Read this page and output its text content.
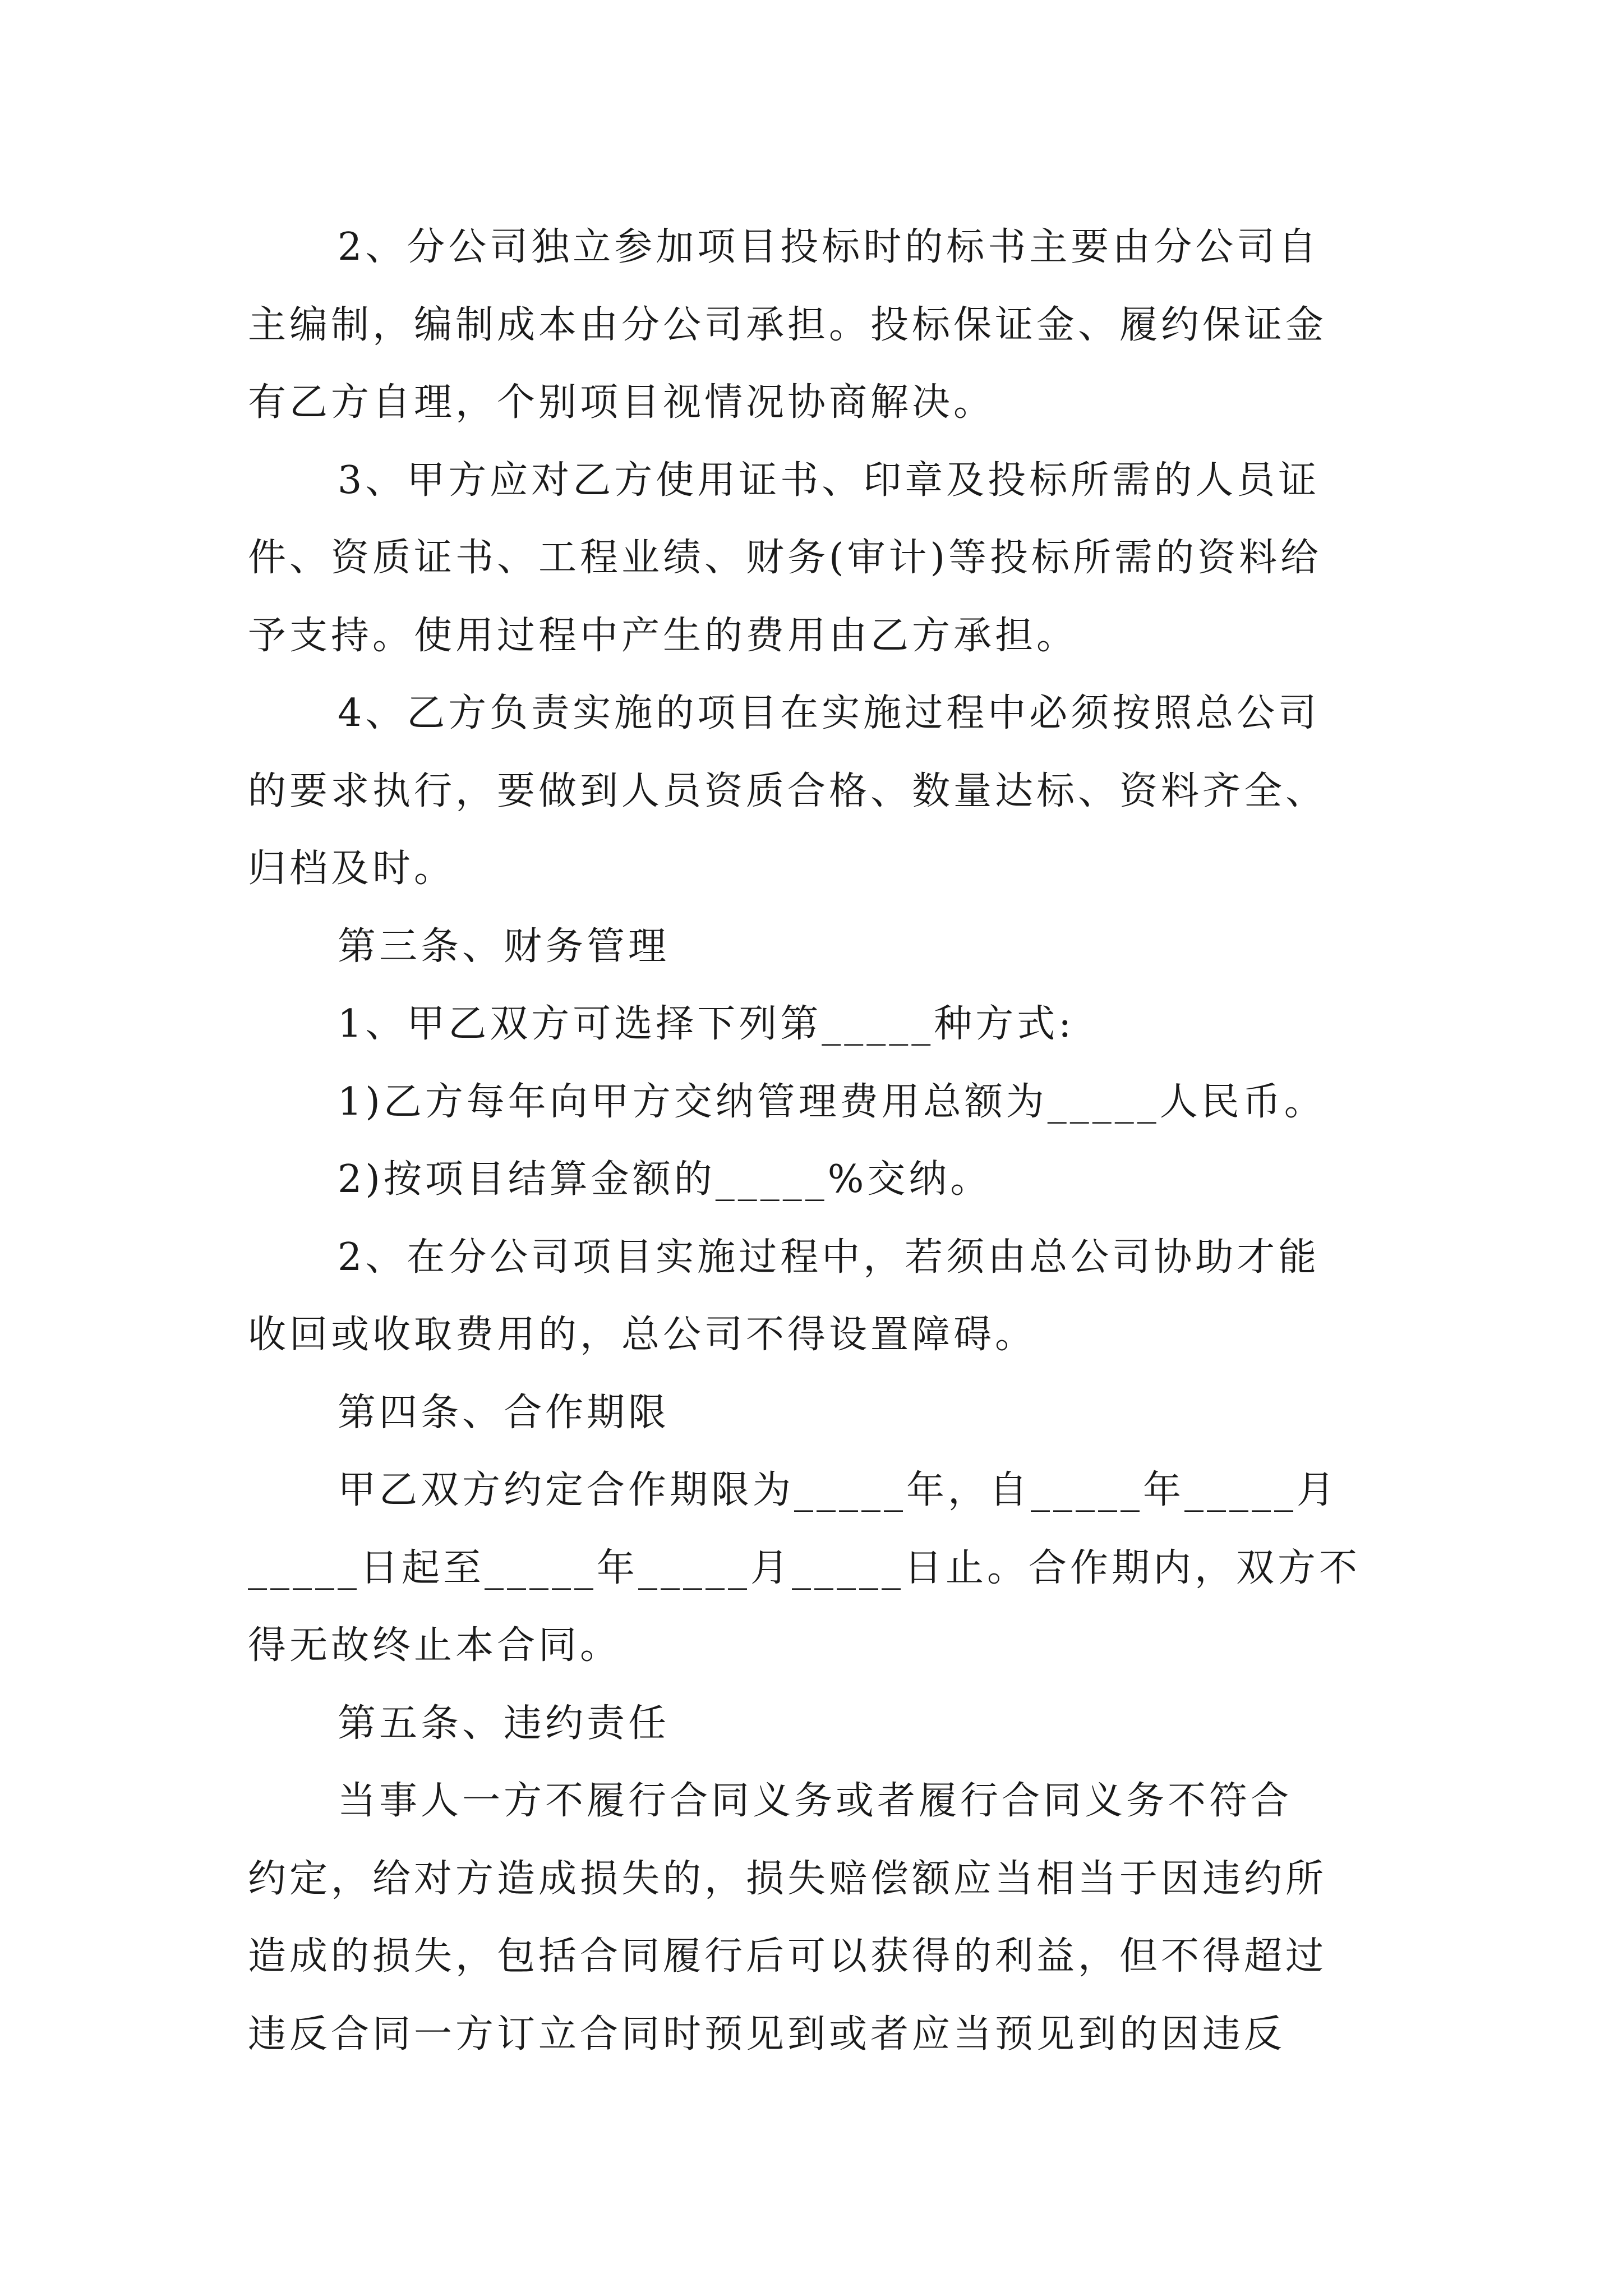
2、分公司独立参加项目投标时的标书主要由分公司自
主编制，编制成本由分公司承担。投标保证金、履约保证金
有乙方自理，个别项目视情况协商解决。
3、甲方应对乙方使用证书、印章及投标所需的人员证
件、资质证书、工程业绩、财务(审计)等投标所需的资料给
予支持。使用过程中产生的费用由乙方承担。
4、乙方负责实施的项目在实施过程中必须按照总公司
的要求执行，要做到人员资质合格、数量达标、资料齐全、
归档及时。
第三条、财务管理
1、甲乙双方可选择下列第_____种方式:
1)乙方每年向甲方交纳管理费用总额为_____人民币。
2)按项目结算金额的_____%交纳。
2、在分公司项目实施过程中，若须由总公司协助才能
收回或收取费用的，总公司不得设置障碍。
第四条、合作期限
甲乙双方约定合作期限为_____年，自_____年_____月
_____日起至_____年_____月_____日止。合作期内，双方不
得无故终止本合同。
第五条、违约责任
当事人一方不履行合同义务或者履行合同义务不符合
约定，给对方造成损失的，损失赔偿额应当相当于因违约所
造成的损失，包括合同履行后可以获得的利益，但不得超过
违反合同一方订立合同时预见到或者应当预见到的因违反
